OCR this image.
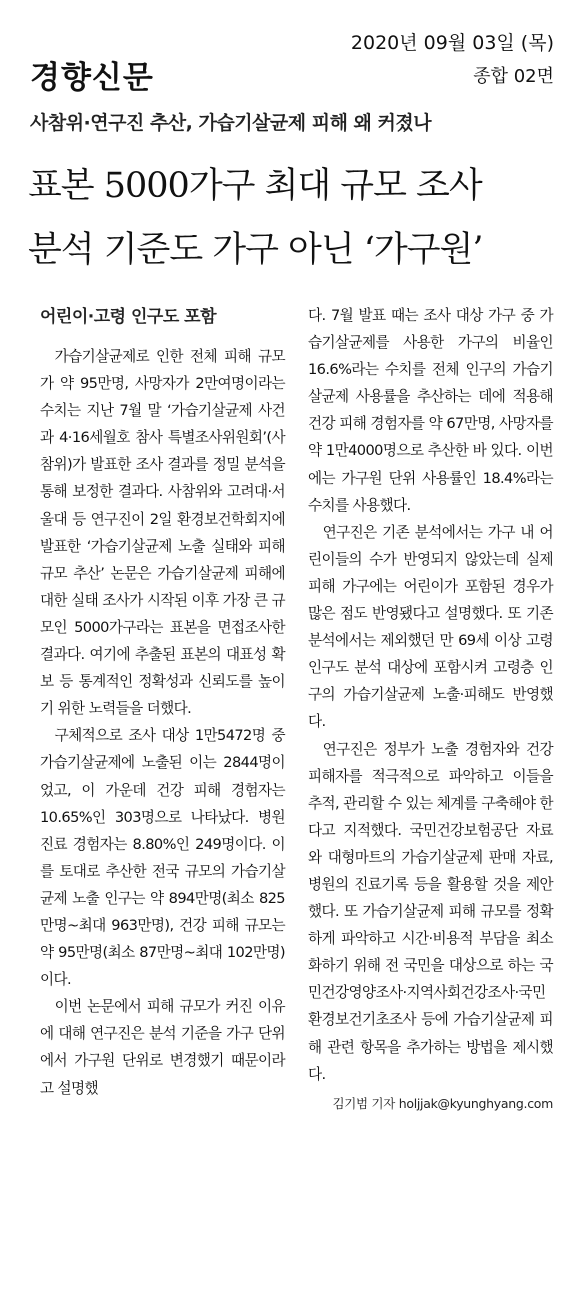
경향신문
2020년 09월 03일 (목)
종합 02면
사참위·연구진 추산, 가습기살균제 피해 왜 커졌나
표본 5000가구 최대 규모 조사
분석 기준도 가구 아닌 ‘가구원’

어린이·고령 인구도 포함

가습기살균제로 인한 전체 피해 규모가 약 95만명, 사망자가 2만여명이라는 수치는 지난 7월 말 ‘가습기살균제 사건과 4·16세월호 참사 특별조사위원회’(사참위)가 발표한 조사 결과를 정밀 분석을 통해 보정한 결과다. 사참위와 고려대·서울대 등 연구진이 2일 환경보건학회지에 발표한 ‘가습기살균제 노출 실태와 피해 규모 추산’ 논문은 가습기살균제 피해에 대한 실태 조사가 시작된 이후 가장 큰 규모인 5000가구라는 표본을 면접조사한 결과다. 여기에 추출된 표본의 대표성 확보 등 통계적인 정확성과 신뢰도를 높이기 위한 노력들을 더했다.

구체적으로 조사 대상 1만5472명 중 가습기살균제에 노출된 이는 2844명이었고, 이 가운데 건강 피해 경험자는 10.65%인 303명으로 나타났다. 병원 진료 경험자는 8.80%인 249명이다. 이를 토대로 추산한 전국 규모의 가습기살균제 노출 인구는 약 894만명(최소 825만명~최대 963만명), 건강 피해 규모는 약 95만명(최소 87만명~최대 102만명)이다.

이번 논문에서 피해 규모가 커진 이유에 대해 연구진은 분석 기준을 가구 단위에서 가구원 단위로 변경했기 때문이라고 설명했

다. 7월 발표 때는 조사 대상 가구 중 가습기살균제를 사용한 가구의 비율인 16.6%라는 수치를 전체 인구의 가습기살균제 사용률을 추산하는 데에 적용해 건강 피해 경험자를 약 67만명, 사망자를 약 1만4000명으로 추산한 바 있다. 이번에는 가구원 단위 사용률인 18.4%라는 수치를 사용했다.

연구진은 기존 분석에서는 가구 내 어린이들의 수가 반영되지 않았는데 실제 피해 가구에는 어린이가 포함된 경우가 많은 점도 반영됐다고 설명했다. 또 기존 분석에서는 제외했던 만 69세 이상 고령 인구도 분석 대상에 포함시켜 고령층 인구의 가습기살균제 노출·피해도 반영했다.

연구진은 정부가 노출 경험자와 건강 피해자를 적극적으로 파악하고 이들을 추적, 관리할 수 있는 체계를 구축해야 한다고 지적했다. 국민건강보험공단 자료와 대형마트의 가습기살균제 판매 자료, 병원의 진료기록 등을 활용할 것을 제안했다. 또 가습기살균제 피해 규모를 정확하게 파악하고 시간·비용적 부담을 최소화하기 위해 전 국민을 대상으로 하는 국민건강영양조사·지역사회건강조사·국민환경보건기초조사 등에 가습기살균제 피해 관련 항목을 추가하는 방법을 제시했다.

김기범 기자 holjjak@kyunghyang.com
